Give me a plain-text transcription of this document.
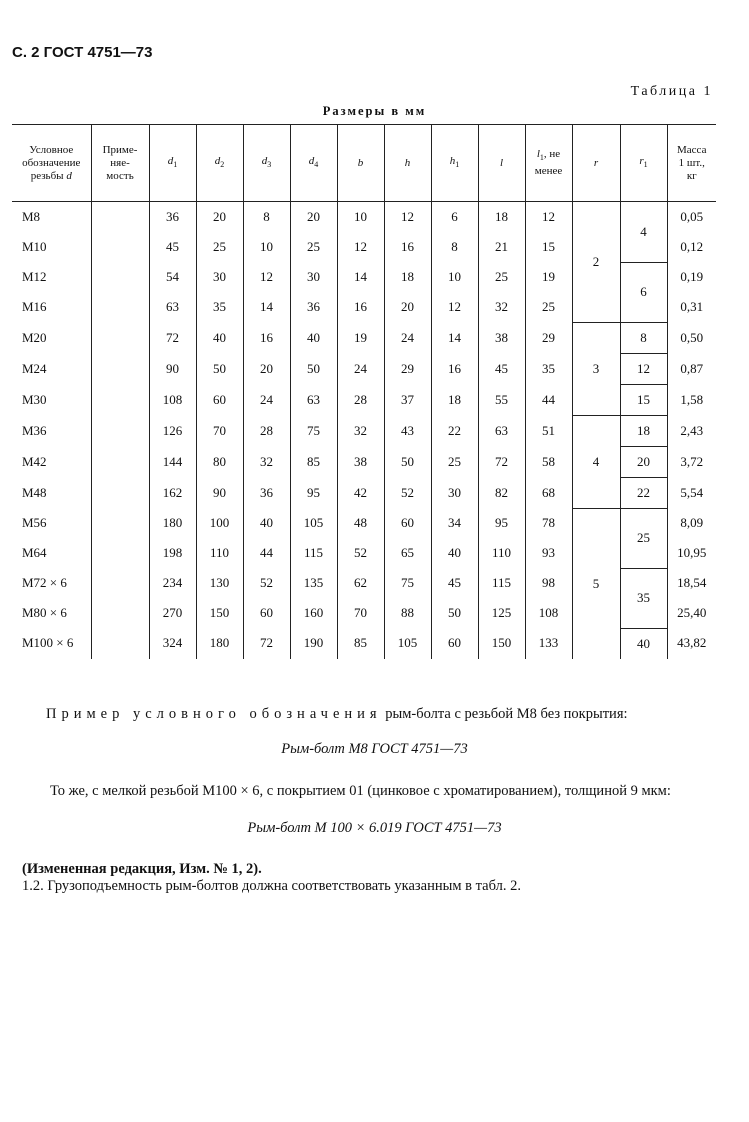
С. 2 ГОСТ 4751—73
Таблица 1
Размеры в мм
Условное
обозначение
резьбы d	Приме-
няе-
мость	$d_1$	$d_2$	$d_3$	$d_4$	b	h	$h_1$	l	$l_1$, не
менее	r	$r_1$	Масса
1 шт.,
кг
М8		36	20	8	20	10	12	6	18	12	2	4	0,05
М10		45	25	10	25	12	16	8	21	15			0,12
М12		54	30	12	30	14	18	10	25	19		6	0,19
М16		63	35	14	36	16	20	12	32	25			0,31
М20		72	40	16	40	19	24	14	38	29	3	8	0,50
М24		90	50	20	50	24	29	16	45	35		12	0,87
М30		108	60	24	63	28	37	18	55	44		15	1,58
М36		126	70	28	75	32	43	22	63	51	4	18	2,43
М42		144	80	32	85	38	50	25	72	58		20	3,72
М48		162	90	36	95	42	52	30	82	68		22	5,54
М56		180	100	40	105	48	60	34	95	78	5	25	8,09
М64		198	110	44	115	52	65	40	110	93			10,95
М72 × 6		234	130	52	135	62	75	45	115	98		35	18,54
М80 × 6		270	150	60	160	70	88	50	125	108			25,40
М100 × 6		324	180	72	190	85	105	60	150	133		40	43,82
Пример условного обозначения рым-болта с резьбой М8 без покрытия:
Рым-болт М8 ГОСТ 4751—73
То же, с мелкой резьбой М100 × 6, с покрытием 01 (цинковое с хроматированием), толщиной 9 мкм:
Рым-болт М 100 × 6.019 ГОСТ 4751—73
(Измененная редакция, Изм. № 1, 2).
1.2. Грузоподъемность рым-болтов должна соответствовать указанным в табл. 2.
